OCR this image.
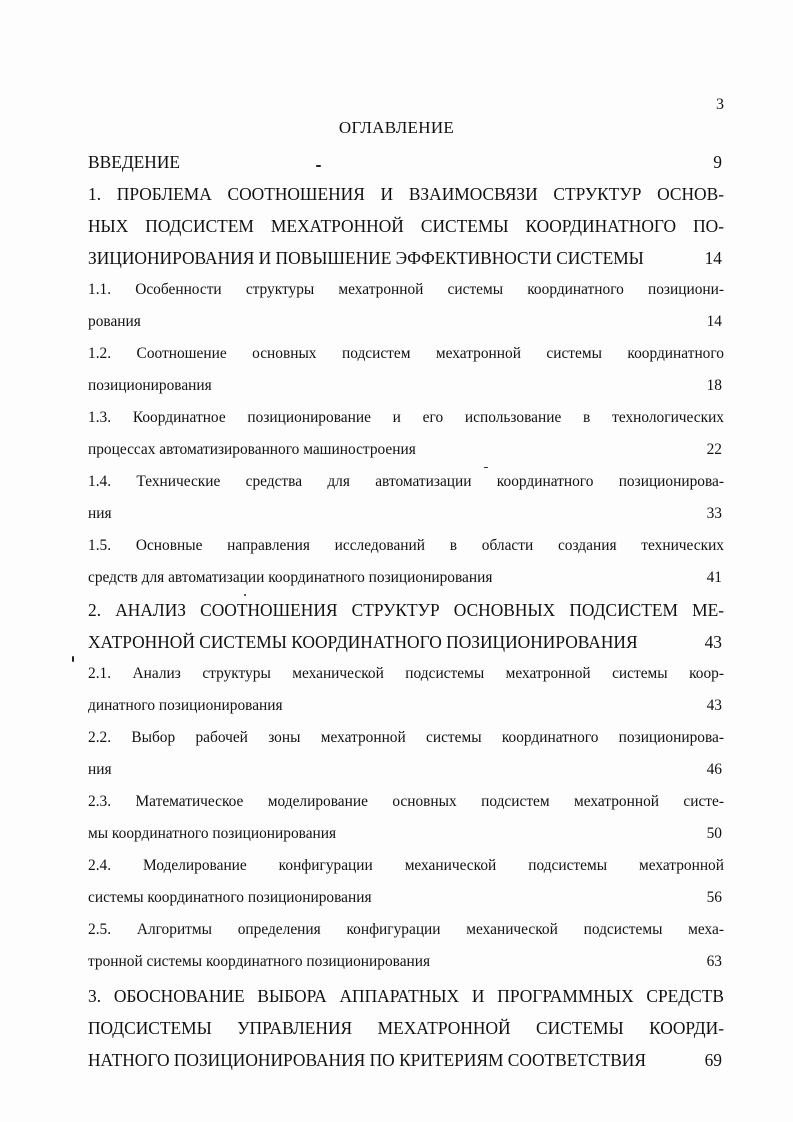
3
ОГЛАВЛЕНИЕ
ВВЕДЕНИЕ	9
1. ПРОБЛЕМА СООТНОШЕНИЯ И ВЗАИМОСВЯЗИ СТРУКТУР ОСНОВ-
НЫХ ПОДСИСТЕМ МЕХАТРОННОЙ СИСТЕМЫ КООРДИНАТНОГО ПО-
ЗИЦИОНИРОВАНИЯ И ПОВЫШЕНИЕ ЭФФЕКТИВНОСТИ СИСТЕМЫ	14
1.1. Особенности структуры мехатронной системы координатного позициони-
рования	14
1.2. Соотношение основных подсистем мехатронной системы координатного
позиционирования	18
1.3. Координатное позиционирование и его использование в технологических
процессах автоматизированного машиностроения	22
1.4. Технические средства для автоматизации координатного позиционирова-
ния	33
1.5. Основные направления исследований в области создания технических
средств для автоматизации координатного позиционирования	41
2. АНАЛИЗ СООТНОШЕНИЯ СТРУКТУР ОСНОВНЫХ ПОДСИСТЕМ МЕ-
ХАТРОННОЙ СИСТЕМЫ КООРДИНАТНОГО ПОЗИЦИОНИРОВАНИЯ	43
2.1. Анализ структуры механической подсистемы мехатронной системы коор-
динатного позиционирования	43
2.2. Выбор рабочей зоны мехатронной системы координатного позиционирова-
ния	46
2.3. Математическое моделирование основных подсистем мехатронной систе-
мы координатного позиционирования	50
2.4. Моделирование конфигурации механической подсистемы мехатронной
системы координатного позиционирования	56
2.5. Алгоритмы определения конфигурации механической подсистемы меха-
тронной системы координатного позиционирования	63
3. ОБОСНОВАНИЕ ВЫБОРА АППАРАТНЫХ И ПРОГРАММНЫХ СРЕДСТВ
ПОДСИСТЕМЫ УПРАВЛЕНИЯ МЕХАТРОННОЙ СИСТЕМЫ КООРДИ-
НАТНОГО ПОЗИЦИОНИРОВАНИЯ ПО КРИТЕРИЯМ СООТВЕТСТВИЯ	69
